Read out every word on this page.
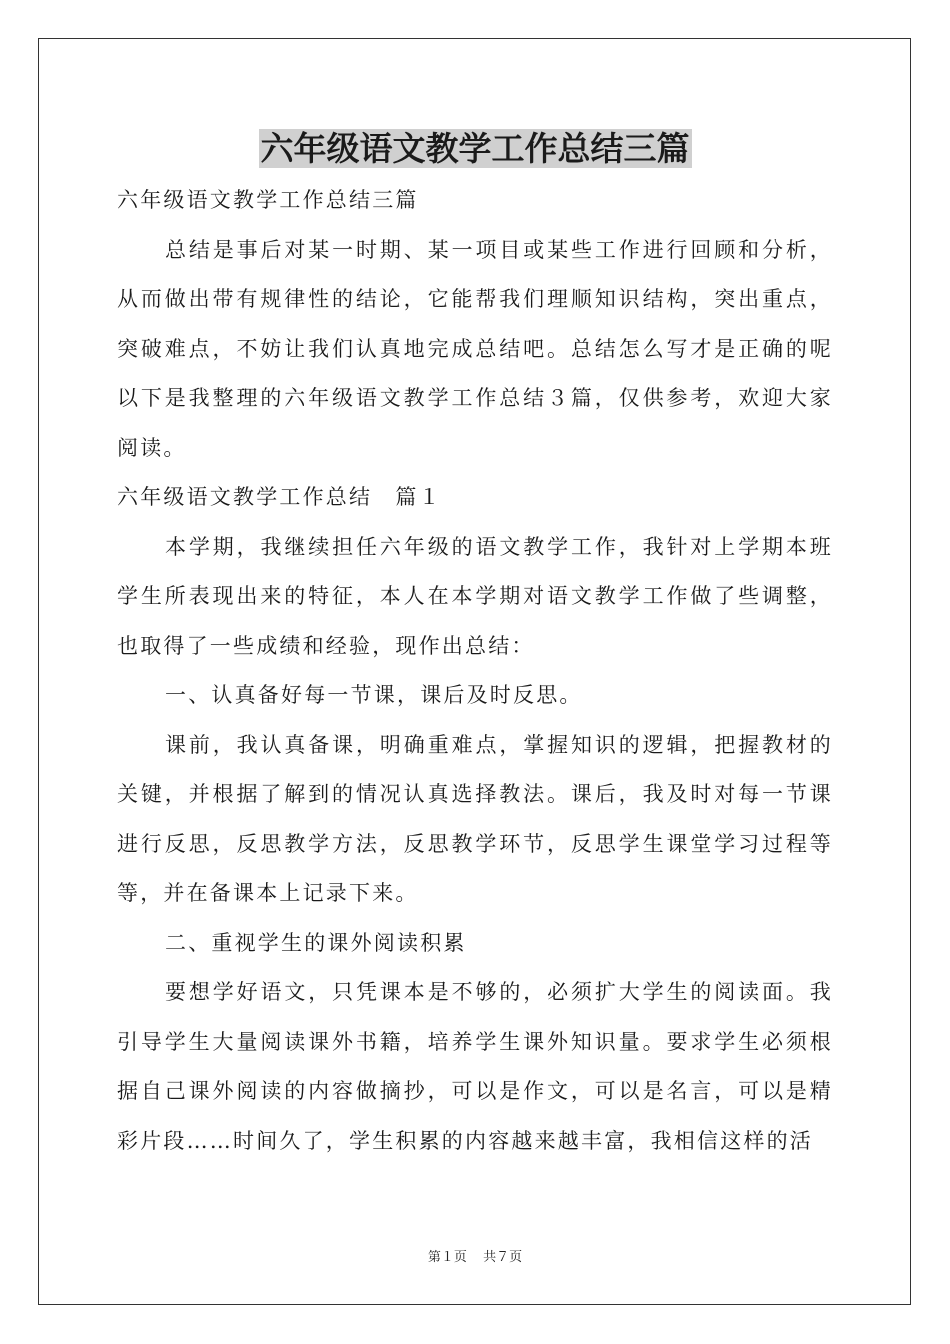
六年级语文教学工作总结三篇

六年级语文教学工作总结三篇

总结是事后对某一时期、某一项目或某些工作进行回顾和分析，从而做出带有规律性的结论，它能帮我们理顺知识结构，突出重点，突破难点，不妨让我们认真地完成总结吧。总结怎么写才是正确的呢以下是我整理的六年级语文教学工作总结３篇，仅供参考，欢迎大家阅读。

六年级语文教学工作总结　篇１

本学期，我继续担任六年级的语文教学工作，我针对上学期本班学生所表现出来的特征，本人在本学期对语文教学工作做了些调整，也取得了一些成绩和经验，现作出总结：

一、认真备好每一节课，课后及时反思。

课前，我认真备课，明确重难点，掌握知识的逻辑，把握教材的关键，并根据了解到的情况认真选择教法。课后，我及时对每一节课进行反思，反思教学方法，反思教学环节，反思学生课堂学习过程等等，并在备课本上记录下来。

二、重视学生的课外阅读积累

要想学好语文，只凭课本是不够的，必须扩大学生的阅读面。我引导学生大量阅读课外书籍，培养学生课外知识量。要求学生必须根据自己课外阅读的内容做摘抄，可以是作文，可以是名言，可以是精彩片段……时间久了，学生积累的内容越来越丰富，我相信这样的活

第１页 共７页
